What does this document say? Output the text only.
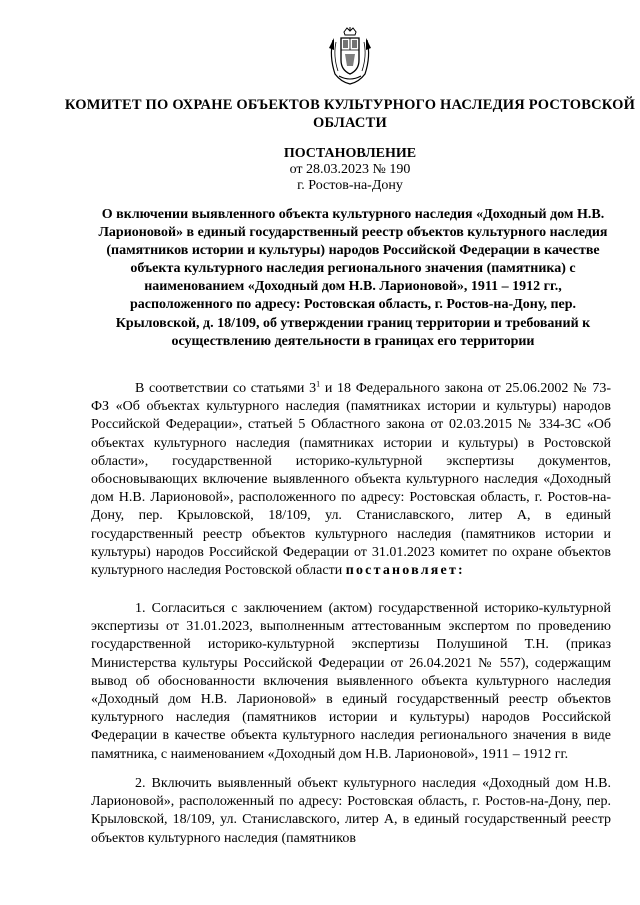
КОМИТЕТ ПО ОХРАНЕ ОБЪЕКТОВ КУЛЬТУРНОГО НАСЛЕДИЯ РОСТОВСКОЙ ОБЛАСТИ
ПОСТАНОВЛЕНИЕ
от 28.03.2023 № 190
г. Ростов-на-Дону
О включении выявленного объекта культурного наследия «Доходный дом Н.В. Ларионовой» в единый государственный реестр объектов культурного наследия (памятников истории и культуры) народов Российской Федерации в качестве объекта культурного наследия регионального значения (памятника) с наименованием «Доходный дом Н.В. Ларионовой», 1911 – 1912 гг., расположенного по адресу: Ростовская область, г. Ростов-на-Дону, пер. Крыловской, д. 18/109, об утверждении границ территории и требований к осуществлению деятельности в границах его территории

В соответствии со статьями $3^1$ и 18 Федерального закона от 25.06.2002 № 73-ФЗ «Об объектах культурного наследия (памятниках истории и культуры) народов Российской Федерации», статьей 5 Областного закона от 02.03.2015 № 334-ЗС «Об объектах культурного наследия (памятниках истории и культуры) в Ростовской области», государственной историко-культурной экспертизы документов, обосновывающих включение выявленного объекта культурного наследия «Доходный дом Н.В. Ларионовой», расположенного по адресу: Ростовская область, г. Ростов-на-Дону, пер. Крыловской, 18/109, ул. Станиславского, литер А, в единый государственный реестр объектов культурного наследия (памятников истории и культуры) народов Российской Федерации от 31.01.2023 комитет по охране объектов культурного наследия Ростовской области постановляет:

1. Согласиться с заключением (актом) государственной историко-культурной экспертизы от 31.01.2023, выполненным аттестованным экспертом по проведению государственной историко-культурной экспертизы Полушиной Т.Н. (приказ Министерства культуры Российской Федерации от 26.04.2021 № 557), содержащим вывод об обоснованности включения выявленного объекта культурного наследия «Доходный дом Н.В. Ларионовой» в единый государственный реестр объектов культурного наследия (памятников истории и культуры) народов Российской Федерации в качестве объекта культурного наследия регионального значения в виде памятника, с наименованием «Доходный дом Н.В. Ларионовой», 1911 – 1912 гг.

2. Включить выявленный объект культурного наследия «Доходный дом Н.В. Ларионовой», расположенный по адресу: Ростовская область, г. Ростов-на-Дону, пер. Крыловской, 18/109, ул. Станиславского, литер А, в единый государственный реестр объектов культурного наследия (памятников
